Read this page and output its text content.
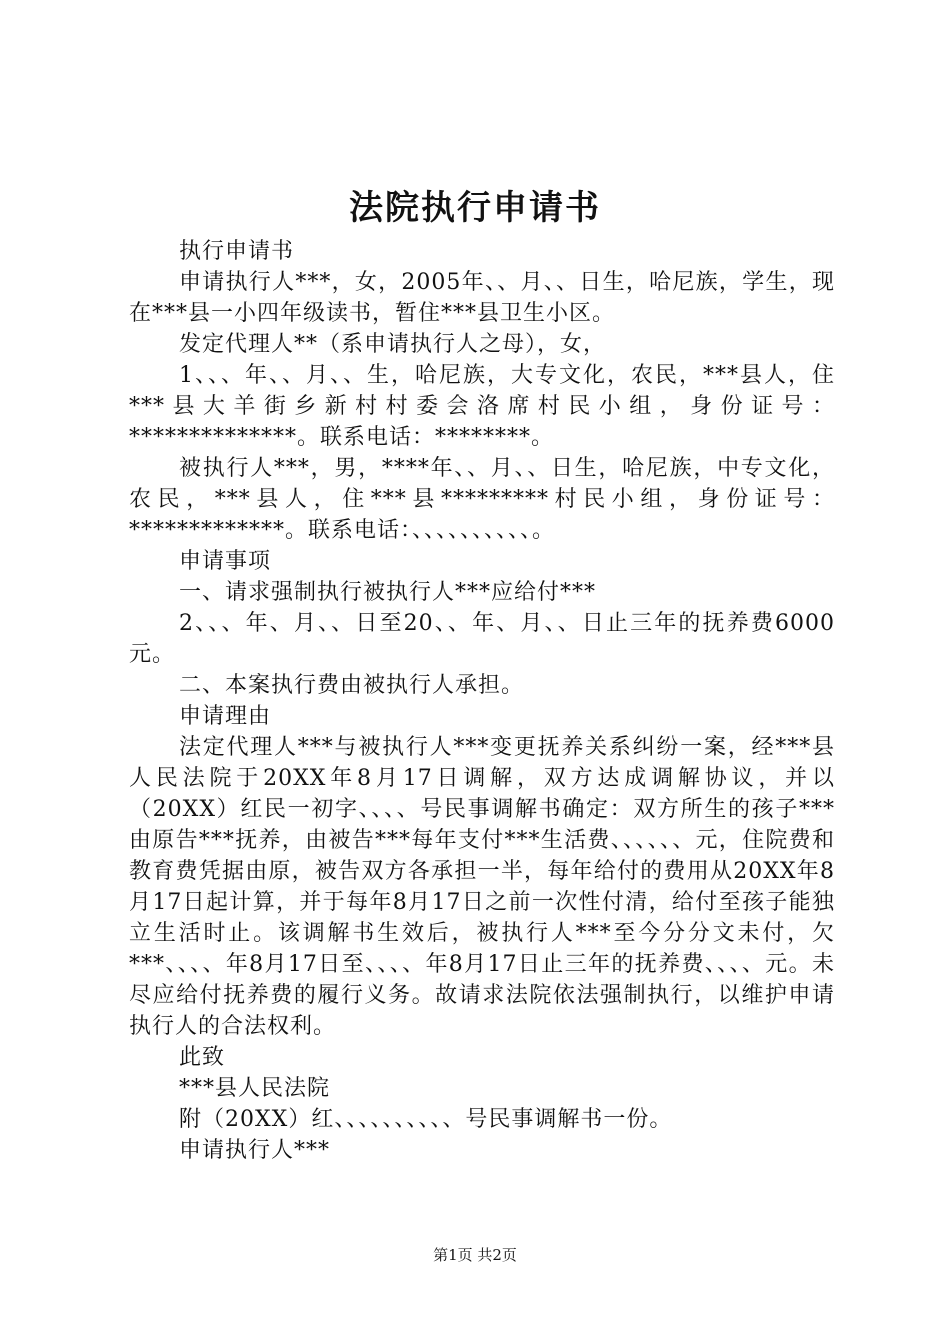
法院执行申请书

执行申请书

申请执行人***，女，2005年、、月、、日生，哈尼族，学生，现在***县一小四年级读书，暂住***县卫生小区。

发定代理人**（系申请执行人之母），女，

1、、、年、、月、、生，哈尼族，大专文化，农民，***县人，住***县大羊街乡新村村委会洛席村民小组，身份证号：**************。联系电话：********。

被执行人***，男，****年、、月、、日生，哈尼族，中专文化，农民，***县人，住***县*********村民小组，身份证号：*************。联系电话：、、、、、、、、、、。

申请事项

一、请求强制执行被执行人***应给付***

2、、、年、月、、日至20、、年、月、、日止三年的抚养费6000元。

二、本案执行费由被执行人承担。

申请理由

法定代理人***与被执行人***变更抚养关系纠纷一案，经***县人民法院于20XX年8月17日调解，双方达成调解协议，并以（20XX）红民一初字、、、、号民事调解书确定：双方所生的孩子***由原告***抚养，由被告***每年支付***生活费、、、、、、元，住院费和教育费凭据由原，被告双方各承担一半，每年给付的费用从20XX年8月17日起计算，并于每年8月17日之前一次性付清，给付至孩子能独立生活时止。该调解书生效后，被执行人***至今分分文未付，欠***、、、、年8月17日至、、、、年8月17日止三年的抚养费、、、、元。未尽应给付抚养费的履行义务。故请求法院依法强制执行，以维护申请执行人的合法权利。

此致

***县人民法院

附（20XX）红、、、、、、、、、、号民事调解书一份。

申请执行人***

第1页 共2页
